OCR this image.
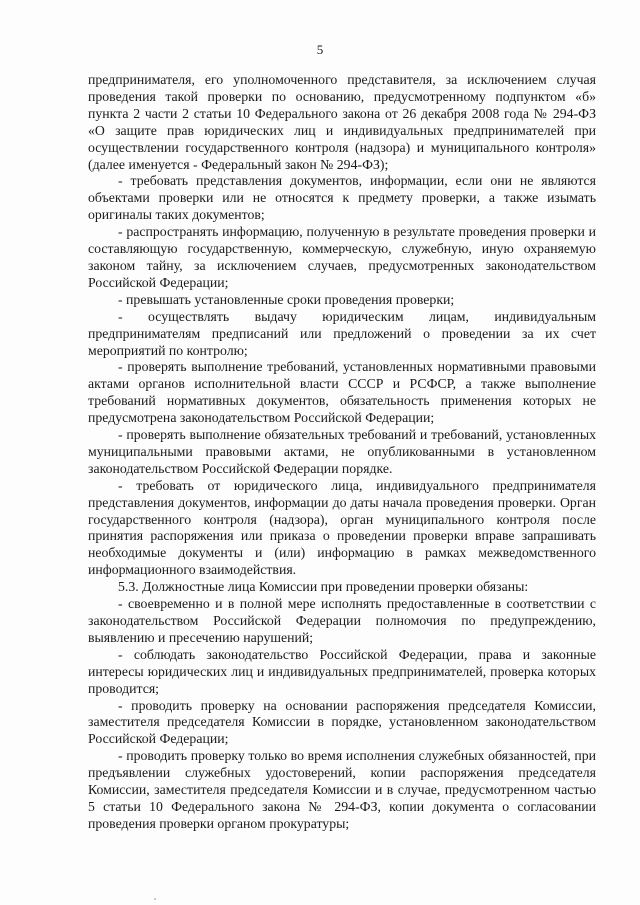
5

предпринимателя, его уполномоченного представителя, за исключением случая проведения такой проверки по основанию, предусмотренному подпунктом «б» пункта 2 части 2 статьи 10 Федерального закона от 26 декабря 2008 года № 294-ФЗ «О защите прав юридических лиц и индивидуальных предпринимателей при осуществлении государственного контроля (надзора) и муниципального контроля» (далее именуется - Федеральный закон № 294-ФЗ);

- требовать представления документов, информации, если они не являются объектами проверки или не относятся к предмету проверки, а также изымать оригиналы таких документов;

- распространять информацию, полученную в результате проведения проверки и составляющую государственную, коммерческую, служебную, иную охраняемую законом тайну, за исключением случаев, предусмотренных законодательством Российской Федерации;

- превышать установленные сроки проведения проверки;

- осуществлять выдачу юридическим лицам, индивидуальным предпринимателям предписаний или предложений о проведении за их счет мероприятий по контролю;

- проверять выполнение требований, установленных нормативными правовыми актами органов исполнительной власти СССР и РСФСР, а также выполнение требований нормативных документов, обязательность применения которых не предусмотрена законодательством Российской Федерации;

- проверять выполнение обязательных требований и требований, установленных муниципальными правовыми актами, не опубликованными в установленном законодательством Российской Федерации порядке.

- требовать от юридического лица, индивидуального предпринимателя представления документов, информации до даты начала проведения проверки. Орган государственного контроля (надзора), орган муниципального контроля после принятия распоряжения или приказа о проведении проверки вправе запрашивать необходимые документы и (или) информацию в рамках межведомственного информационного взаимодействия.

5.3. Должностные лица Комиссии при проведении проверки обязаны:

- своевременно и в полной мере исполнять предоставленные в соответствии с законодательством Российской Федерации полномочия по предупреждению, выявлению и пресечению нарушений;

- соблюдать законодательство Российской Федерации, права и законные интересы юридических лиц и индивидуальных предпринимателей, проверка которых проводится;

- проводить проверку на основании распоряжения председателя Комиссии, заместителя председателя Комиссии в порядке, установленном законодательством Российской Федерации;

- проводить проверку только во время исполнения служебных обязанностей, при предъявлении служебных удостоверений, копии распоряжения председателя Комиссии, заместителя председателя Комиссии и в случае, предусмотренном частью 5 статьи 10 Федерального закона № 294-ФЗ, копии документа о согласовании проведения проверки органом прокуратуры;
